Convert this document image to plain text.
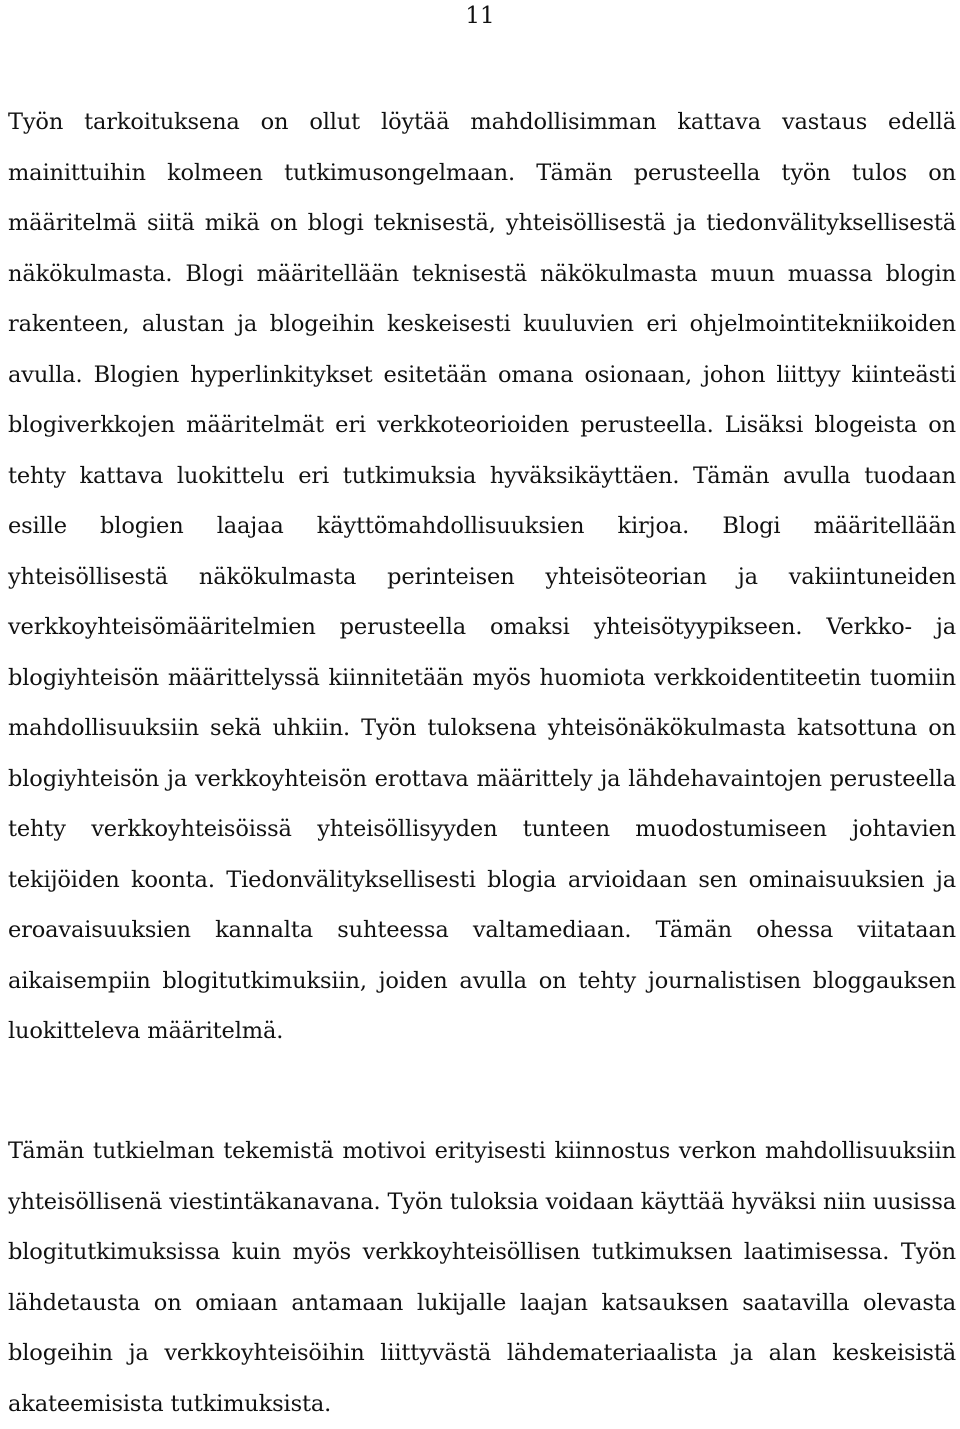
11

Työn tarkoituksena on ollut löytää mahdollisimman kattava vastaus edellä mainittuihin kolmeen tutkimusongelmaan. Tämän perusteella työn tulos on määritelmä siitä mikä on blogi teknisestä, yhteisöllisestä ja tiedonvälityksellisestä näkökulmasta. Blogi määritellään teknisestä näkökulmasta muun muassa blogin rakenteen, alustan ja blogeihin keskeisesti kuuluvien eri ohjelmointitekniikoiden avulla. Blogien hyperlinkitykset esitetään omana osionaan, johon liittyy kiinteästi blogiverkkojen määritelmät eri verkkoteorioiden perusteella. Lisäksi blogeista on tehty kattava luokittelu eri tutkimuksia hyväksikäyttäen. Tämän avulla tuodaan esille blogien laajaa käyttömahdollisuuksien kirjoa. Blogi määritellään yhteisöllisestä näkökulmasta perinteisen yhteisöteorian ja vakiintuneiden verkkoyhteisömääritelmien perusteella omaksi yhteisötyypikseen. Verkko- ja blogiyhteisön määrittelyssä kiinnitetään myös huomiota verkkoidentiteetin tuomiin mahdollisuuksiin sekä uhkiin. Työn tuloksena yhteisönäkökulmasta katsottuna on blogiyhteisön ja verkkoyhteisön erottava määrittely ja lähdehavaintojen perusteella tehty verkkoyhteisöissä yhteisöllisyyden tunteen muodostumiseen johtavien tekijöiden koonta. Tiedonvälityksellisesti blogia arvioidaan sen ominaisuuksien ja eroavaisuuksien kannalta suhteessa valtamediaan. Tämän ohessa viitataan aikaisempiin blogitutkimuksiin, joiden avulla on tehty journalistisen bloggauksen luokitteleva määritelmä.

Tämän tutkielman tekemistä motivoi erityisesti kiinnostus verkon mahdollisuuksiin yhteisöllisenä viestintäkanavana. Työn tuloksia voidaan käyttää hyväksi niin uusissa blogitutkimuksissa kuin myös verkkoyhteisöllisen tutkimuksen laatimisessa. Työn lähdetausta on omiaan antamaan lukijalle laajan katsauksen saatavilla olevasta blogeihin ja verkkoyhteisöihin liittyvästä lähdemateriaalista ja alan keskeisistä akateemisista tutkimuksista.
